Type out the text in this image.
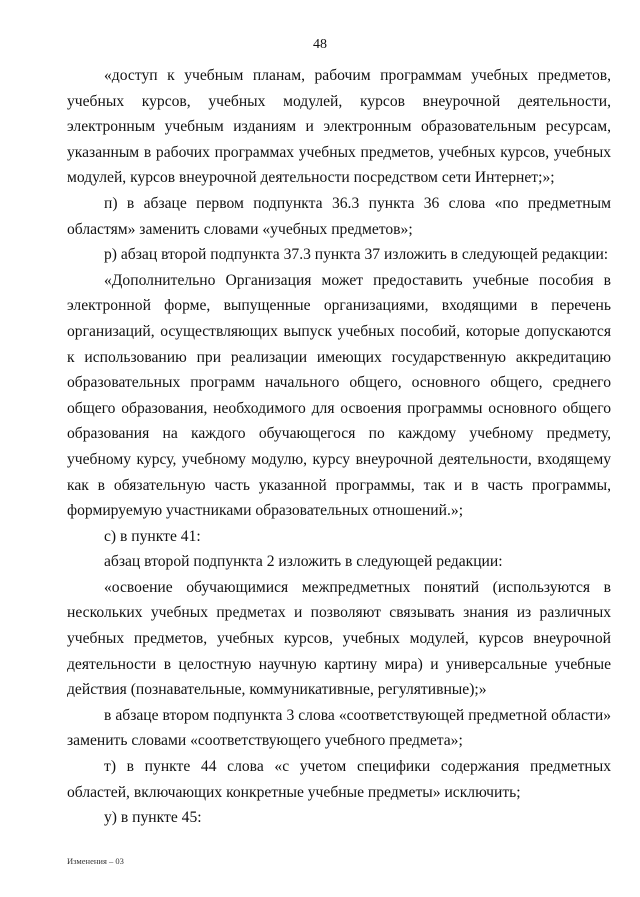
48

«доступ к учебным планам, рабочим программам учебных предметов, учебных курсов, учебных модулей, курсов внеурочной деятельности, электронным учебным изданиям и электронным образовательным ресурсам, указанным в рабочих программах учебных предметов, учебных курсов, учебных модулей, курсов внеурочной деятельности посредством сети Интернет;»;

п) в абзаце первом подпункта 36.3 пункта 36 слова «по предметным областям» заменить словами «учебных предметов»;

р) абзац второй подпункта 37.3 пункта 37 изложить в следующей редакции:

«Дополнительно Организация может предоставить учебные пособия в электронной форме, выпущенные организациями, входящими в перечень организаций, осуществляющих выпуск учебных пособий, которые допускаются к использованию при реализации имеющих государственную аккредитацию образовательных программ начального общего, основного общего, среднего общего образования, необходимого для освоения программы основного общего образования на каждого обучающегося по каждому учебному предмету, учебному курсу, учебному модулю, курсу внеурочной деятельности, входящему как в обязательную часть указанной программы, так и в часть программы, формируемую участниками образовательных отношений.»;

с) в пункте 41:

абзац второй подпункта 2 изложить в следующей редакции:

«освоение обучающимися межпредметных понятий (используются в нескольких учебных предметах и позволяют связывать знания из различных учебных предметов, учебных курсов, учебных модулей, курсов внеурочной деятельности в целостную научную картину мира) и универсальные учебные действия (познавательные, коммуникативные, регулятивные);»

в абзаце втором подпункта 3 слова «соответствующей предметной области» заменить словами «соответствующего учебного предмета»;

т) в пункте 44 слова «с учетом специфики содержания предметных областей, включающих конкретные учебные предметы» исключить;

у) в пункте 45:

Изменения – 03
